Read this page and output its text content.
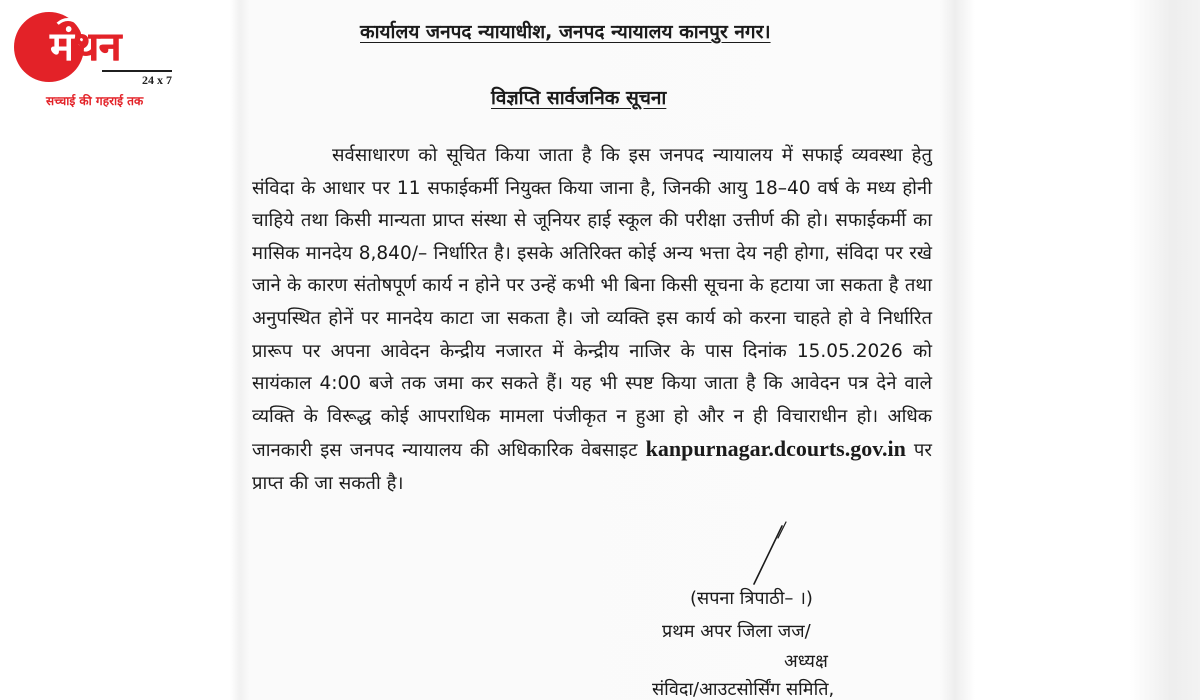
मंथन
24 x 7
सच्चाई की गहराई तक
कार्यालय जनपद न्यायाधीश, जनपद न्यायालय कानपुर नगर।
विज्ञप्ति सार्वजनिक सूचना
सर्वसाधारण को सूचित किया जाता है कि इस जनपद न्यायालय में सफाई व्यवस्था हेतु संविदा के आधार पर 11 सफाईकर्मी नियुक्त किया जाना है, जिनकी आयु 18–40 वर्ष के मध्य होनी चाहिये तथा किसी मान्यता प्राप्त संस्था से जूनियर हाई स्कूल की परीक्षा उत्तीर्ण की हो। सफाईकर्मी का मासिक मानदेय 8,840/– निर्धारित है। इसके अतिरिक्त कोई अन्य भत्ता देय नही होगा, संविदा पर रखे जाने के कारण संतोषपूर्ण कार्य न होने पर उन्हें कभी भी बिना किसी सूचना के हटाया जा सकता है तथा अनुपस्थित होनें पर मानदेय काटा जा सकता है। जो व्यक्ति इस कार्य को करना चाहते हो वे निर्धारित प्रारूप पर अपना आवेदन केन्द्रीय नजारत में केन्द्रीय नाजिर के पास दिनांक 15.05.2026 को सायंकाल 4:00 बजे तक जमा कर सकते हैं। यह भी स्पष्ट किया जाता है कि आवेदन पत्र देने वाले व्यक्ति के विरूद्ध कोई आपराधिक मामला पंजीकृत न हुआ हो और न ही विचाराधीन हो। अधिक जानकारी इस जनपद न्यायालय की अधिकारिक वेबसाइट kanpurnagar.dcourts.gov.in पर प्राप्त की जा सकती है।
(सपना त्रिपाठी– ।)
प्रथम अपर जिला जज/
अध्यक्ष
संविदा/आउटसोर्सिंग समिति,
